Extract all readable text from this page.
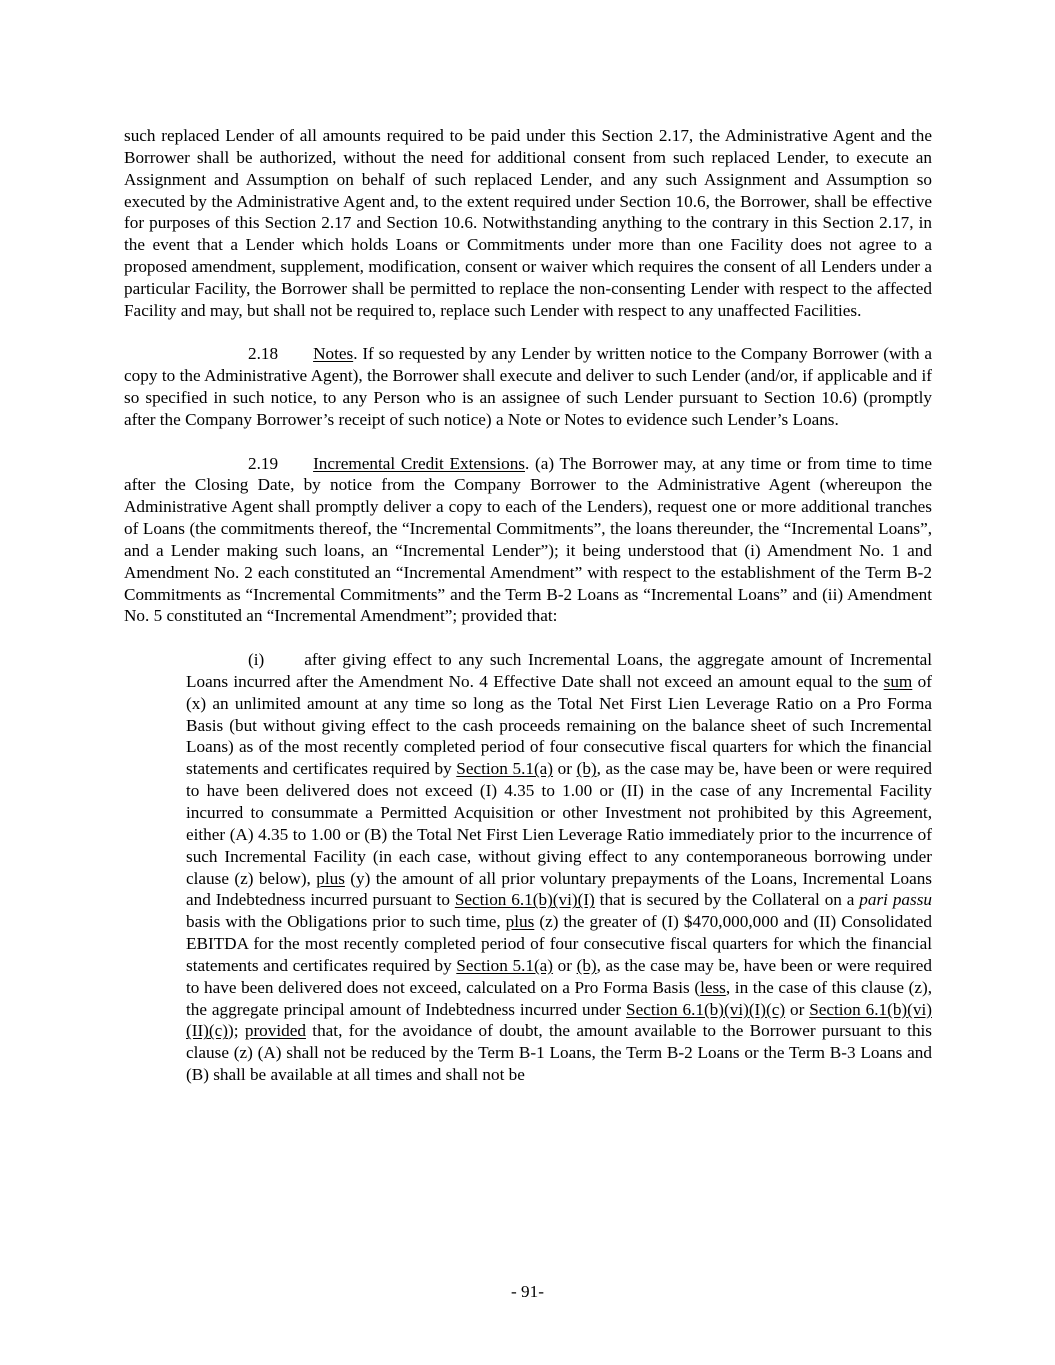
such replaced Lender of all amounts required to be paid under this Section 2.17, the Administrative Agent and the Borrower shall be authorized, without the need for additional consent from such replaced Lender, to execute an Assignment and Assumption on behalf of such replaced Lender, and any such Assignment and Assumption so executed by the Administrative Agent and, to the extent required under Section 10.6, the Borrower, shall be effective for purposes of this Section 2.17 and Section 10.6. Notwithstanding anything to the contrary in this Section 2.17, in the event that a Lender which holds Loans or Commitments under more than one Facility does not agree to a proposed amendment, supplement, modification, consent or waiver which requires the consent of all Lenders under a particular Facility, the Borrower shall be permitted to replace the non-consenting Lender with respect to the affected Facility and may, but shall not be required to, replace such Lender with respect to any unaffected Facilities.

2.18 Notes. If so requested by any Lender by written notice to the Company Borrower (with a copy to the Administrative Agent), the Borrower shall execute and deliver to such Lender (and/or, if applicable and if so specified in such notice, to any Person who is an assignee of such Lender pursuant to Section 10.6) (promptly after the Company Borrower’s receipt of such notice) a Note or Notes to evidence such Lender’s Loans.

2.19 Incremental Credit Extensions. (a) The Borrower may, at any time or from time to time after the Closing Date, by notice from the Company Borrower to the Administrative Agent (whereupon the Administrative Agent shall promptly deliver a copy to each of the Lenders), request one or more additional tranches of Loans (the commitments thereof, the “Incremental Commitments”, the loans thereunder, the “Incremental Loans”, and a Lender making such loans, an “Incremental Lender”); it being understood that (i) Amendment No. 1 and Amendment No. 2 each constituted an “Incremental Amendment” with respect to the establishment of the Term B-2 Commitments as “Incremental Commitments” and the Term B-2 Loans as “Incremental Loans” and (ii) Amendment No. 5 constituted an “Incremental Amendment”; provided that:

(i) after giving effect to any such Incremental Loans, the aggregate amount of Incremental Loans incurred after the Amendment No. 4 Effective Date shall not exceed an amount equal to the sum of (x) an unlimited amount at any time so long as the Total Net First Lien Leverage Ratio on a Pro Forma Basis (but without giving effect to the cash proceeds remaining on the balance sheet of such Incremental Loans) as of the most recently completed period of four consecutive fiscal quarters for which the financial statements and certificates required by Section 5.1(a) or (b), as the case may be, have been or were required to have been delivered does not exceed (I) 4.35 to 1.00 or (II) in the case of any Incremental Facility incurred to consummate a Permitted Acquisition or other Investment not prohibited by this Agreement, either (A) 4.35 to 1.00 or (B) the Total Net First Lien Leverage Ratio immediately prior to the incurrence of such Incremental Facility (in each case, without giving effect to any contemporaneous borrowing under clause (z) below), plus (y) the amount of all prior voluntary prepayments of the Loans, Incremental Loans and Indebtedness incurred pursuant to Section 6.1(b)(vi)(I) that is secured by the Collateral on a pari passu basis with the Obligations prior to such time, plus (z) the greater of (I) $470,000,000 and (II) Consolidated EBITDA for the most recently completed period of four consecutive fiscal quarters for which the financial statements and certificates required by Section 5.1(a) or (b), as the case may be, have been or were required to have been delivered does not exceed, calculated on a Pro Forma Basis (less, in the case of this clause (z), the aggregate principal amount of Indebtedness incurred under Section 6.1(b)(vi)(I)(c) or Section 6.1(b)(vi)(II)(c)); provided that, for the avoidance of doubt, the amount available to the Borrower pursuant to this clause (z) (A) shall not be reduced by the Term B-1 Loans, the Term B-2 Loans or the Term B-3 Loans and (B) shall be available at all times and shall not be

- 91-
